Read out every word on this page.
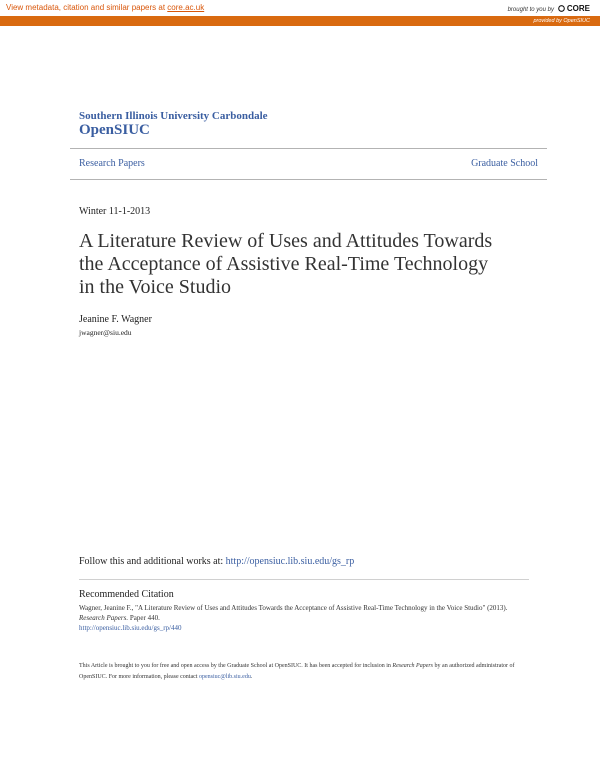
View metadata, citation and similar papers at core.ac.uk	brought to you by CORE
provided by OpenSIUC
Southern Illinois University Carbondale
OpenSIUC
Research Papers	Graduate School
Winter 11-1-2013
A Literature Review of Uses and Attitudes Towards
the Acceptance of Assistive Real-Time Technology
in the Voice Studio
Jeanine F. Wagner
jwagner@siu.edu
Follow this and additional works at: http://opensiuc.lib.siu.edu/gs_rp
Recommended Citation
Wagner, Jeanine F., "A Literature Review of Uses and Attitudes Towards the Acceptance of Assistive Real-Time Technology in the Voice Studio" (2013). Research Papers. Paper 440.
http://opensiuc.lib.siu.edu/gs_rp/440
This Article is brought to you for free and open access by the Graduate School at OpenSIUC. It has been accepted for inclusion in Research Papers by an authorized administrator of OpenSIUC. For more information, please contact opensiuc@lib.siu.edu.
